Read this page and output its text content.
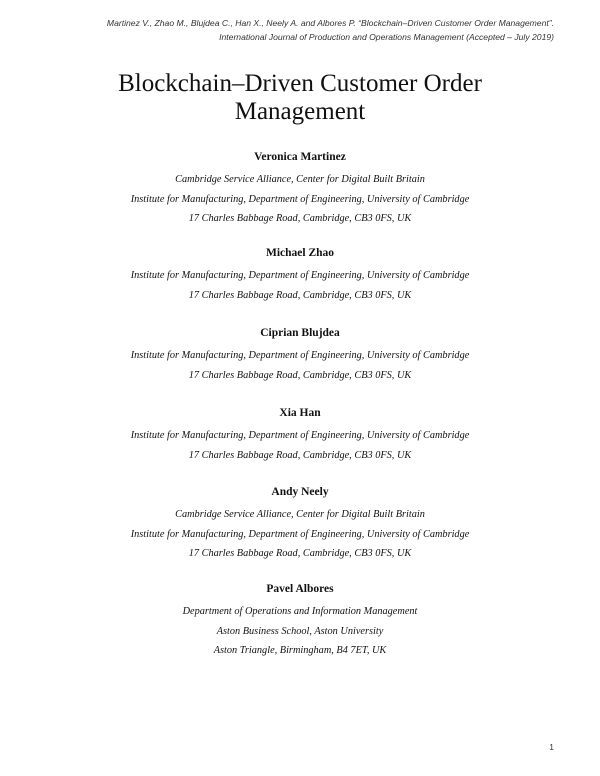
Martinez V., Zhao M., Blujdea C., Han X., Neely A. and Albores P. “Blockchain–Driven Customer Order Management”.
International Journal of Production and Operations Management (Accepted – July 2019)
Blockchain–Driven Customer Order
Management
Veronica Martinez
Cambridge Service Alliance, Center for Digital Built Britain
Institute for Manufacturing, Department of Engineering, University of Cambridge
17 Charles Babbage Road, Cambridge, CB3 0FS, UK
Michael Zhao
Institute for Manufacturing, Department of Engineering, University of Cambridge
17 Charles Babbage Road, Cambridge, CB3 0FS, UK
Ciprian Blujdea
Institute for Manufacturing, Department of Engineering, University of Cambridge
17 Charles Babbage Road, Cambridge, CB3 0FS, UK
Xia Han
Institute for Manufacturing, Department of Engineering, University of Cambridge
17 Charles Babbage Road, Cambridge, CB3 0FS, UK
Andy Neely
Cambridge Service Alliance, Center for Digital Built Britain
Institute for Manufacturing, Department of Engineering, University of Cambridge
17 Charles Babbage Road, Cambridge, CB3 0FS, UK
Pavel Albores
Department of Operations and Information Management
Aston Business School, Aston University
Aston Triangle, Birmingham, B4 7ET, UK
1
